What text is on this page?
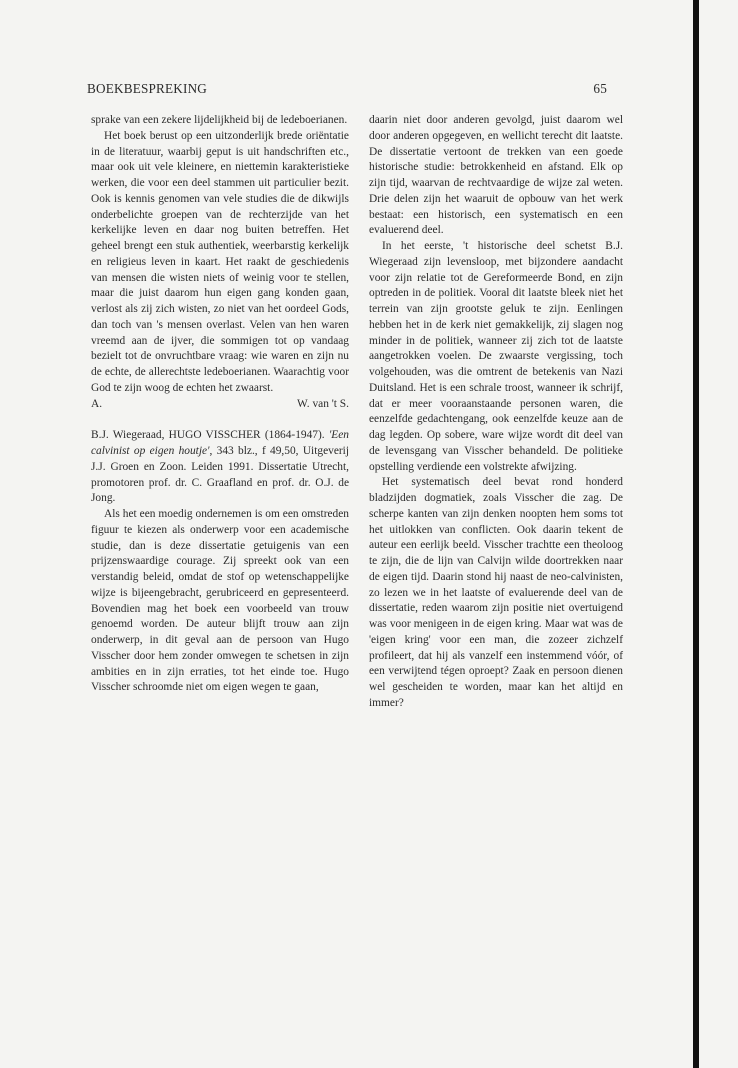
BOEKBESPREKING	65

sprake van een zekere lijdelijkheid bij de ledeboerianen.

Het boek berust op een uitzonderlijk brede oriëntatie in de literatuur, waarbij geput is uit handschriften etc., maar ook uit vele kleinere, en niettemin karakteristieke werken, die voor een deel stammen uit particulier bezit. Ook is kennis genomen van vele studies die de dikwijls onderbelichte groepen van de rechterzijde van het kerkelijke leven en daar nog buiten betreffen. Het geheel brengt een stuk authentiek, weerbarstig kerkelijk en religieus leven in kaart. Het raakt de geschiedenis van mensen die wisten niets of weinig voor te stellen, maar die juist daarom hun eigen gang konden gaan, verlost als zij zich wisten, zo niet van het oordeel Gods, dan toch van 's mensen overlast. Velen van hen waren vreemd aan de ijver, die sommigen tot op vandaag bezielt tot de onvruchtbare vraag: wie waren en zijn nu de echte, de allerechtste ledeboerianen. Waarachtig voor God te zijn woog de echten het zwaarst.

A.	W. van 't S.

B.J. Wiegeraad, HUGO VISSCHER (1864-1947). 'Een calvinist op eigen houtje', 343 blz., f 49,50, Uitgeverij J.J. Groen en Zoon. Leiden 1991. Dissertatie Utrecht, promotoren prof. dr. C. Graafland en prof. dr. O.J. de Jong.

Als het een moedig ondernemen is om een omstreden figuur te kiezen als onderwerp voor een academische studie, dan is deze dissertatie getuigenis van een prijzenswaardige courage. Zij spreekt ook van een verstandig beleid, omdat de stof op wetenschappelijke wijze is bijeengebracht, gerubriceerd en gepresenteerd. Bovendien mag het boek een voorbeeld van trouw genoemd worden. De auteur blijft trouw aan zijn onderwerp, in dit geval aan de persoon van Hugo Visscher door hem zonder omwegen te schetsen in zijn ambities en in zijn erraties, tot het einde toe. Hugo Visscher schroomde niet om eigen wegen te gaan,

daarin niet door anderen gevolgd, juist daarom wel door anderen opgegeven, en wellicht terecht dit laatste. De dissertatie vertoont de trekken van een goede historische studie: betrokkenheid en afstand. Elk op zijn tijd, waarvan de rechtvaardige de wijze zal weten. Drie delen zijn het waaruit de opbouw van het werk bestaat: een historisch, een systematisch en een evaluerend deel.

In het eerste, 't historische deel schetst B.J. Wiegeraad zijn levensloop, met bijzondere aandacht voor zijn relatie tot de Gereformeerde Bond, en zijn optreden in de politiek. Vooral dit laatste bleek niet het terrein van zijn grootste geluk te zijn. Eenlingen hebben het in de kerk niet gemakkelijk, zij slagen nog minder in de politiek, wanneer zij zich tot de laatste aangetrokken voelen. De zwaarste vergissing, toch volgehouden, was die omtrent de betekenis van Nazi Duitsland. Het is een schrale troost, wanneer ik schrijf, dat er meer vooraanstaande personen waren, die eenzelfde gedachtengang, ook eenzelfde keuze aan de dag legden. Op sobere, ware wijze wordt dit deel van de levensgang van Visscher behandeld. De politieke opstelling verdiende een volstrekte afwijzing.

Het systematisch deel bevat rond honderd bladzijden dogmatiek, zoals Visscher die zag. De scherpe kanten van zijn denken noopten hem soms tot het uitlokken van conflicten. Ook daarin tekent de auteur een eerlijk beeld. Visscher trachtte een theoloog te zijn, die de lijn van Calvijn wilde doortrekken naar de eigen tijd. Daarin stond hij naast de neo-calvinisten, zo lezen we in het laatste of evaluerende deel van de dissertatie, reden waarom zijn positie niet overtuigend was voor menigeen in de eigen kring. Maar wat was de 'eigen kring' voor een man, die zozeer zichzelf profileert, dat hij als vanzelf een instemmend vóór, of een verwijtend tégen oproept? Zaak en persoon dienen wel gescheiden te worden, maar kan het altijd en immer?
